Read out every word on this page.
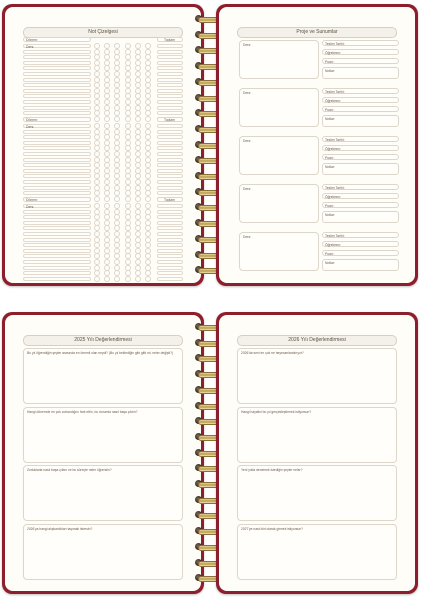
Not Çizelgesi
Dönem:	Toplam
Ders:
Dönem:	Toplam
Ders:
Dönem:	Toplam
Ders:
Proje ve Sunumlar
Ders:	Teslim Tarihi:
Öğretmen:
Puan:
Notlar:
Ders:	Teslim Tarihi:
Öğretmen:
Puan:
Notlar:
Ders:	Teslim Tarihi:
Öğretmen:
Puan:
Notlar:
Ders:	Teslim Tarihi:
Öğretmen:
Puan:
Notlar:
Ders:	Teslim Tarihi:
Öğretmen:
Puan:
Notlar:
2025 Yılı Değerlendirmesi
Bu yıl öğrendiğin şeyler arasında en önemli olan neydi? (Bu yıl beklediğin gibi gitti mi, neler değişti?)
Hangi dönemde en çok zorlandığını fark ettin, bu durumla nasıl başa çıktın?
Zorluklarla nasıl başa çıktın ve bu süreçte neler öğrendin?
2026'ya hangi alışkanlıkları taşımak istersin?
2026 Yılı Değerlendirmesi
2026'da seni en çok ne heyecanlandırıyor?
Hangi hayalini bu yıl gerçekleştirmek istiyorsun?
Yeni yılda denemek istediğin şeyler neler?
2027'ye nasıl biri olarak girmek istiyorsun?
